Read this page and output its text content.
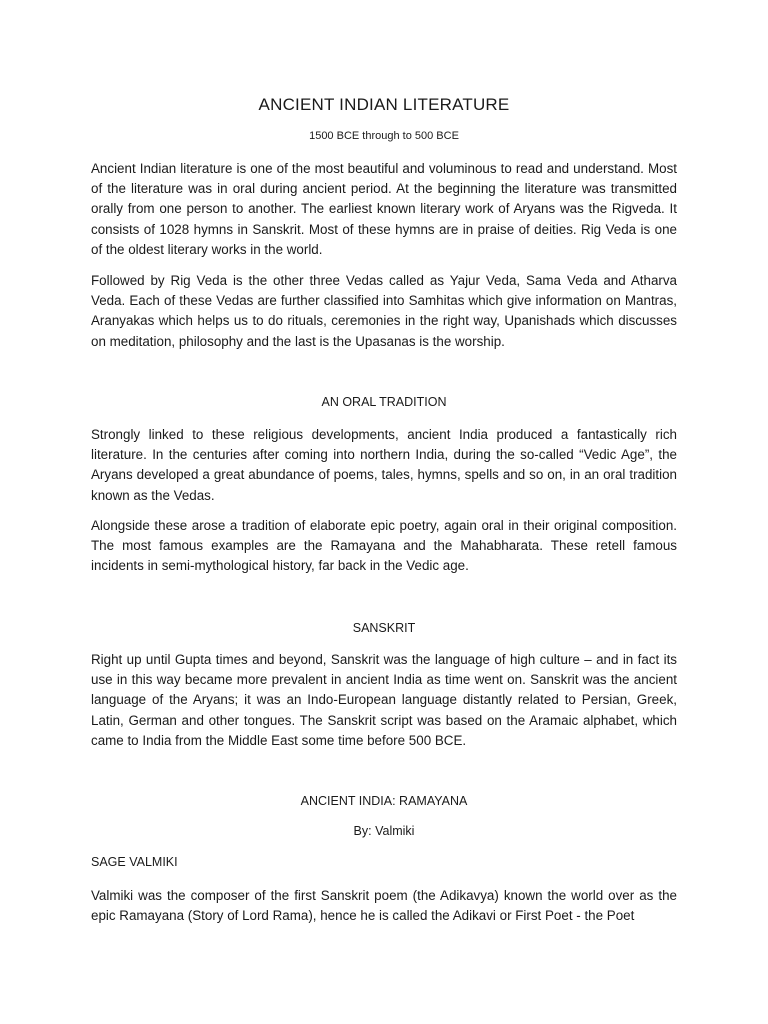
ANCIENT INDIAN LITERATURE

1500 BCE through to 500 BCE

Ancient Indian literature is one of the most beautiful and voluminous to read and understand. Most of the literature was in oral during ancient period. At the beginning the literature was transmitted orally from one person to another. The earliest known literary work of Aryans was the Rigveda. It consists of 1028 hymns in Sanskrit. Most of these hymns are in praise of deities. Rig Veda is one of the oldest literary works in the world.

Followed by Rig Veda is the other three Vedas called as Yajur Veda, Sama Veda and Atharva Veda. Each of these Vedas are further classified into Samhitas which give information on Mantras, Aranyakas which helps us to do rituals, ceremonies in the right way, Upanishads which discusses on meditation, philosophy and the last is the Upasanas is the worship.

AN ORAL TRADITION

Strongly linked to these religious developments, ancient India produced a fantastically rich literature. In the centuries after coming into northern India, during the so-called “Vedic Age”, the Aryans developed a great abundance of poems, tales, hymns, spells and so on, in an oral tradition known as the Vedas.

Alongside these arose a tradition of elaborate epic poetry, again oral in their original composition. The most famous examples are the Ramayana and the Mahabharata. These retell famous incidents in semi-mythological history, far back in the Vedic age.

SANSKRIT

Right up until Gupta times and beyond, Sanskrit was the language of high culture – and in fact its use in this way became more prevalent in ancient India as time went on. Sanskrit was the ancient language of the Aryans; it was an Indo-European language distantly related to Persian, Greek, Latin, German and other tongues. The Sanskrit script was based on the Aramaic alphabet, which came to India from the Middle East some time before 500 BCE.

ANCIENT INDIA: RAMAYANA

By: Valmiki

SAGE VALMIKI

Valmiki was the composer of the first Sanskrit poem (the Adikavya) known the world over as the epic Ramayana (Story of Lord Rama), hence he is called the Adikavi or First Poet - the Poet
